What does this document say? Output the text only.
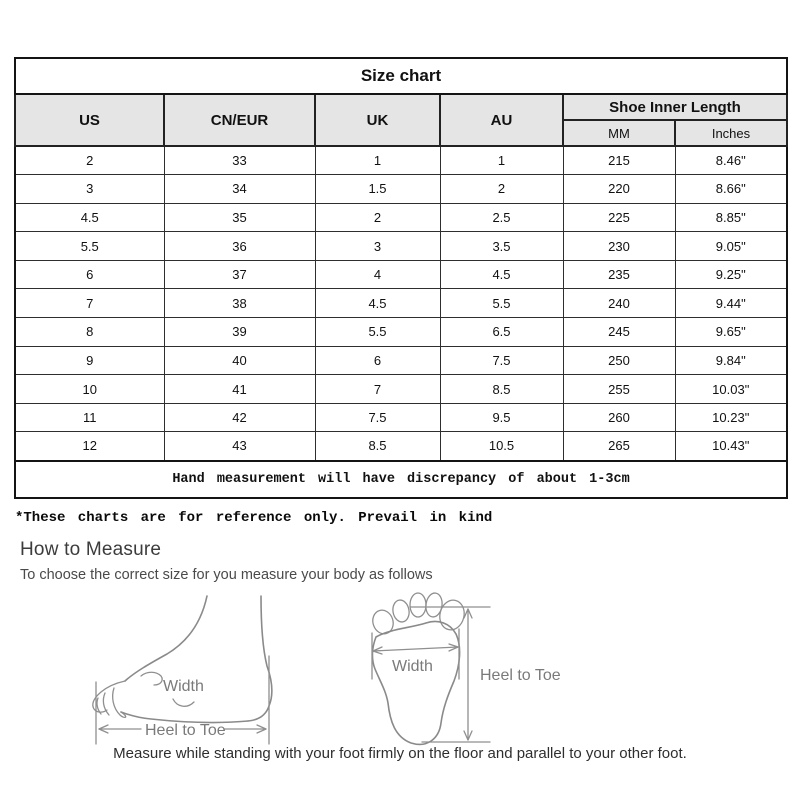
Size chart					
US	CN/EUR	UK	AU	Shoe Inner Length	
				MM	Inches
2	33	1	1	215	8.46"
3	34	1.5	2	220	8.66"
4.5	35	2	2.5	225	8.85"
5.5	36	3	3.5	230	9.05"
6	37	4	4.5	235	9.25"
7	38	4.5	5.5	240	9.44"
8	39	5.5	6.5	245	9.65"
9	40	6	7.5	250	9.84"
10	41	7	8.5	255	10.03"
11	42	7.5	9.5	260	10.23"
12	43	8.5	10.5	265	10.43"
Hand measurement will have discrepancy of about 1-3cm					
*These charts are for reference only. Prevail in kind
How to Measure
To choose the correct size for you measure your body as follows
Width
Heel to Toe
Width
Heel to Toe
Measure while standing with your foot firmly on the floor and parallel to your other foot.
